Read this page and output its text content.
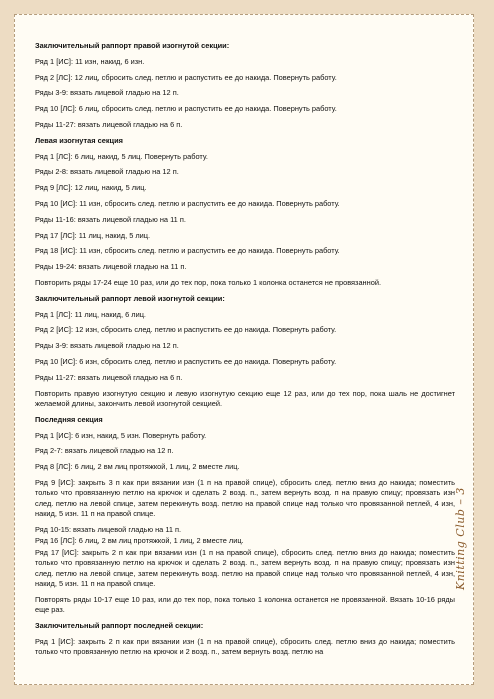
Заключительный раппорт правой изогнутой секции:

Ряд 1 [ИС]: 11 изн, накид, 6 изн.

Ряд 2 [ЛС]: 12 лиц, сбросить след. петлю и распустить ее до накида. Повернуть работу.

Ряды 3-9: вязать лицевой гладью на 12 п.

Ряд 10 [ЛС]: 6 лиц, сбросить след. петлю и распустить ее до накида. Повернуть работу.

Ряды 11-27: вязать лицевой гладью на 6 п.

Левая изогнутая секция

Ряд 1 [ЛС]: 6 лиц, накид, 5 лиц. Повернуть работу.

Ряды 2-8: вязать лицевой гладью на 12 п.

Ряд 9 [ЛС]: 12 лиц, накид, 5 лиц.

Ряд 10 [ИС]: 11 изн, сбросить след. петлю и распустить ее до накида. Повернуть работу.

Ряды 11-16: вязать лицевой гладью на 11 п.

Ряд 17 [ЛС]: 11 лиц, накид, 5 лиц.

Ряд 18 [ИС]: 11 изн, сбросить след. петлю и распустить ее до накида. Повернуть работу.

Ряды 19-24: вязать лицевой гладью на 11 п.

Повторить ряды 17-24 еще 10 раз, или до тех пор, пока только 1 колонка останется не провязанной.

Заключительный раппорт левой изогнутой секции:

Ряд 1 [ЛС]: 11 лиц, накид, 6 лиц.

Ряд 2 [ИС]: 12 изн, сбросить след. петлю и распустить ее до накида. Повернуть работу.

Ряды 3-9: вязать лицевой гладью на 12 п.

Ряд 10 [ИС]: 6 изн, сбросить след. петлю и распустить ее до накида. Повернуть работу.

Ряды 11-27: вязать лицевой гладью на 6 п.

Повторить правую изогнутую секцию и левую изогнутую секцию еще 12 раз, или до тех пор, пока шаль не достигнет желаемой длины, закончить левой изогнутой секцией.

Последняя секция

Ряд 1 [ИС]: 6 изн, накид, 5 изн. Повернуть работу.

Ряд 2-7: вязать лицевой гладью на 12 п.

Ряд 8 [ЛС]: 6 лиц, 2 вм лиц протяжкой, 1 лиц, 2 вместе лиц.

Ряд 9 [ИС]: закрыть 3 п как при вязании изн (1 п на правой спице), сбросить след. петлю вниз до накида; поместить только что провязанную петлю на крючок и сделать 2 возд. п., затем вернуть возд. п на правую спицу; провязать изн след. петлю на левой спице, затем перекинуть возд. петлю на правой спице над только что провязанной петлей, 4 изн, накид, 5 изн. 11 п на правой спице.

Ряд 10-15: вязать лицевой гладью на 11 п.

Ряд 16 [ЛС]: 6 лиц, 2 вм лиц протяжкой, 1 лиц, 2 вместе лиц.

Ряд 17 [ИС]: закрыть 2 п как при вязании изн (1 п на правой спице), сбросить след. петлю вниз до накида; поместить только что провязанную петлю на крючок и сделать 2 возд. п., затем вернуть возд. п на правую спицу; провязать изн след. петлю на левой спице, затем перекинуть возд. петлю на правой спице над только что провязанной петлей, 4 изн, накид, 5 изн. 11 п на правой спице.

Повторять ряды 10-17 еще 10 раз, или до тех пор, пока только 1 колонка останется не провязанной. Вязать 10-16 ряды еще раз.

Заключительный раппорт последней секции:

Ряд 1 [ИС]: закрыть 2 п как при вязании изн (1 п на правой спице), сбросить след. петлю вниз до накида; поместить только что провязанную петлю на крючок и 2 возд. п., затем вернуть возд. петлю на

Knitting Club – 3
